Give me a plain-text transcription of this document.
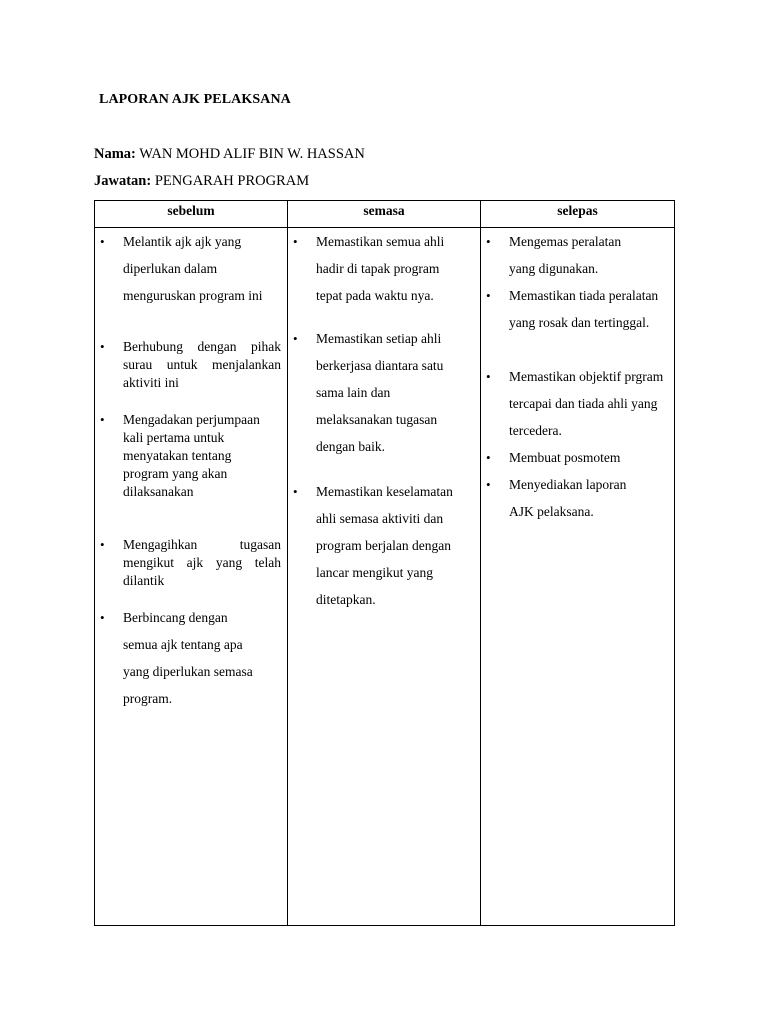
LAPORAN AJK PELAKSANA
Nama: WAN MOHD ALIF BIN W. HASSAN
Jawatan: PENGARAH PROGRAM
sebelum
• Melantik ajk ajk yang diperlukan dalam menguruskan program ini
• Berhubung dengan pihak surau untuk menjalankan aktiviti ini
• Mengadakan perjumpaan kali pertama untuk menyatakan tentang program yang akan dilaksanakan
• Mengagihkan tugasan mengikut ajk yang telah dilantik
• Berbincang dengan semua ajk tentang apa yang diperlukan semasa program.
semasa
• Memastikan semua ahli hadir di tapak program tepat pada waktu nya.
• Memastikan setiap ahli berkerjasa diantara satu sama lain dan melaksanakan tugasan dengan baik.
• Memastikan keselamatan ahli semasa aktiviti dan program berjalan dengan lancar mengikut yang ditetapkan.
selepas
• Mengemas peralatan yang digunakan.
• Memastikan tiada peralatan yang rosak dan tertinggal.
• Memastikan objektif prgram tercapai dan tiada ahli yang tercedera.
• Membuat posmotem
• Menyediakan laporan AJK pelaksana.
